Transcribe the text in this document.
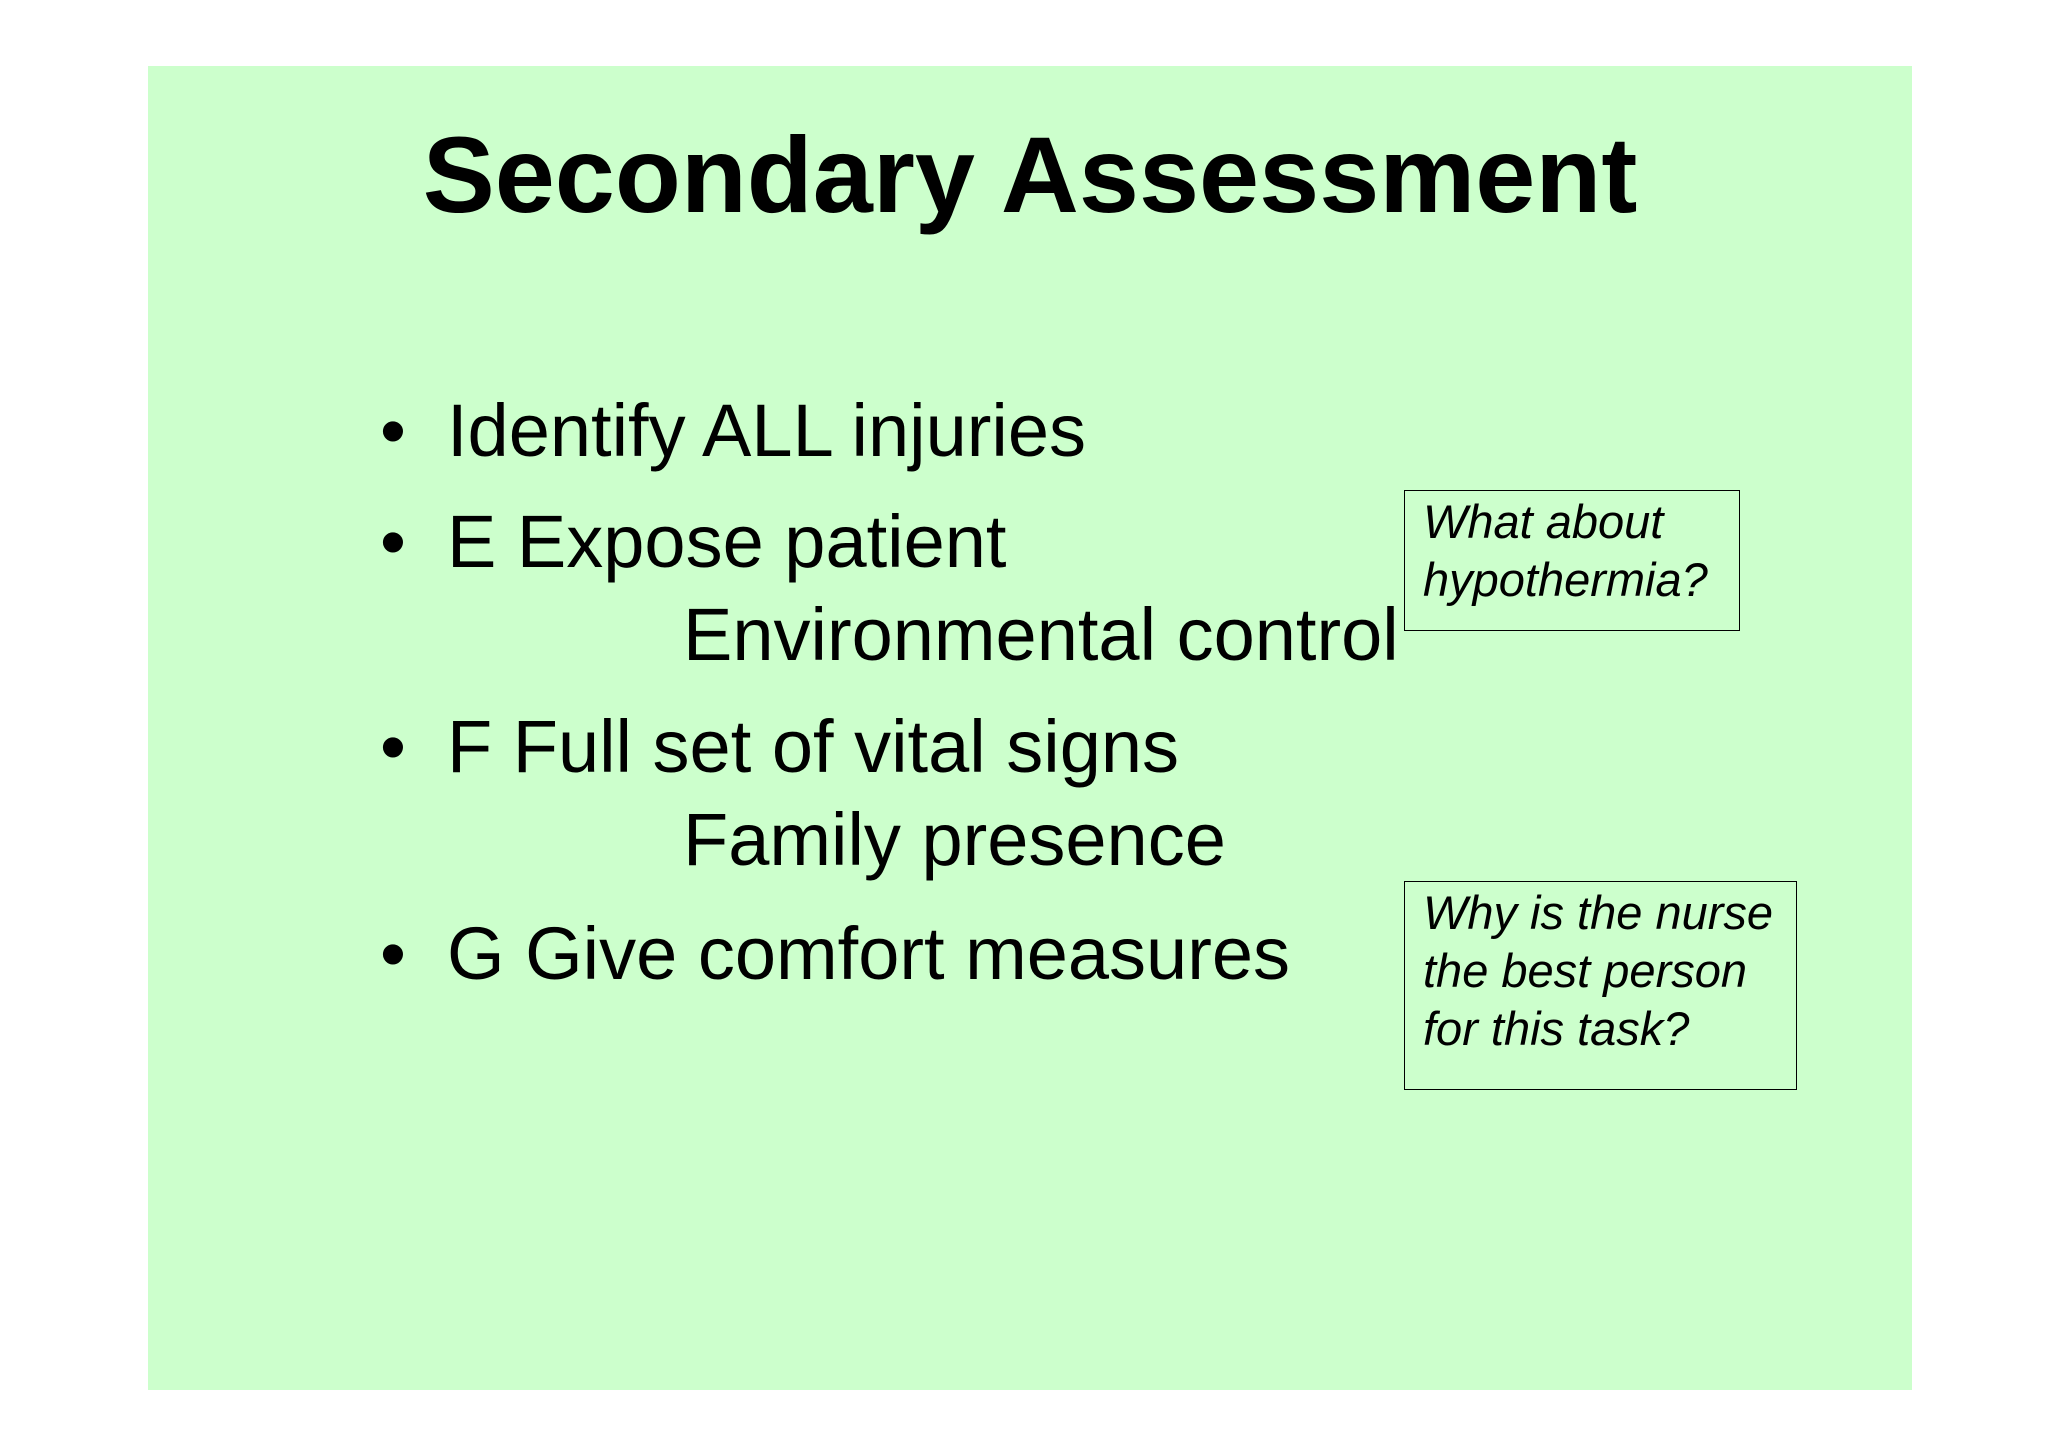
Secondary Assessment
• Identify ALL injuries
• E Expose patient
• F Full set of vital signs
• G Give comfort measures
Environmental control
Family presence
What about
hypothermia?
Why is the nurse
the best person
for this task?
